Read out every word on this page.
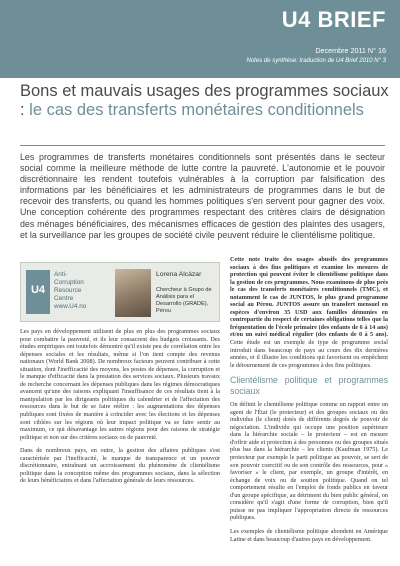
U4 BRIEF
Decembre 2011 N° 16
Notes de synthèse: traduction de U4 Brief 2010 N° 3
Bons et mauvais usages des programmes sociaux : le cas des transferts monétaires conditionnels
Les programmes de transferts monétaires conditionnels sont présentés dans le secteur social comme la meilleure méthode de lutte contre la pauvreté. L'autonomie et le pouvoir discrétionnaire les rendent toutefois vulnérables à la corruption par falsification des informations par les bénéficiaires et les administrateurs de programmes dans le but de recevoir des transferts, ou quand les hommes politiques s'en servent pour gagner des voix. Une conception cohérente des programmes respectant des critères clairs de désignation des ménages bénéficiaires, des mécanismes efficaces de gestion des plaintes des usagers, et la surveillance par les groupes de société civile peuvent réduire le clientélisme politique.
U4
Anti-
Corruption
Resource
Centre
www.U4.no
Lorena Alcázar
Chercheur à Grupo de Análisis para el Desarrollo (GRADE), Pérou

Les pays en développement utilisent de plus en plus des programmes sociaux pour combattre la pauvreté, et ils leur consacrent des budgets croissants. Des études empiriques ont toutefois démontré qu'il existe peu de corrélation entre les dépenses sociales et les résultats, même si l'on tient compte des revenus nationaux (World Bank 2008). De nombreux facteurs peuvent contribuer à cette situation, dont l'inefficacité des moyens, les postes de dépenses, la corruption et le manque d'efficacité dans la prestation des services sociaux. Plusieurs travaux de recherche concernant les dépenses publiques dans les régimes démocratiques avancent qu'une des raisons expliquant l'insuffisance de ces résultats tient à la manipulation par les dirigeants politiques du calendrier et de l'affectation des ressources dans le but de se faire réélire : les augmentations des dépenses publiques sont fixées de manière à coïncider avec les élections et les dépenses sont ciblées sur les régions où leur impact politique va se faire sentir au maximum, ce qui désavantage les autres régions pour des raisons de stratégie politique et non sur des critères sociaux ou de pauvreté.

Dans de nombreux pays, en outre, la gestion des affaires publiques s'est caractérisée par l'inefficacité, le manque de transparence et un pouvoir discrétionnaire, entraînant un accroissement du phénomène de clientélisme politique dans la conception même des programmes sociaux, dans la sélection de leurs bénéficiaires et dans l'affectation générale de leurs ressources.

Cette note traite des usages abusifs des programmes sociaux à des fins politiques et examine les mesures de protection qui peuvent éviter le clientélisme politique dans la gestion de ces programmes. Nous examinons de plus près le cas des transferts monétaires conditionnels (TMC), et notamment le cas de JUNTOS, le plus grand programme social au Pérou. JUNTOS assure un transfert mensuel en espèces d'environ 35 USD aux familles démunies en contrepartie du respect de certaines obligations telles que la fréquentation de l'école primaire (des enfants de 6 à 14 ans) et/ou un suivi médical régulier (des enfants de 0 à 5 ans). Cette étude est un exemple de type de programme social introduit dans beaucoup de pays au cours des dix dernières années, et il illustre les conditions qui favorisent ou empêchent le détournement de ces programmes à des fins politiques.

Clientélisme politique et programmes sociaux

On définit le clientélisme politique comme un rapport entre un agent de l'État (le protecteur) et des groupes sociaux ou des individus (le client) dotés de différents degrés de pouvoir de négociation. L'individu qui occupe une position supérieure dans la hiérarchie sociale – le protecteur – est en mesure d'offrir aide et protection à des personnes ou des groupes situés plus bas dans la hiérarchie – les clients (Kaufman 1975). Le protecteur par exemple le parti politique au pouvoir, se sert de son pouvoir coercitif ou de son contrôle des ressources, pour « favoriser » le client, par exemple, un groupe d'intérêt, en échange de voix ou de soutien politique. Quand on tel comportement résulte en l'emploi de fonds publics en faveur d'un groupe spécifique, au détriment du bien public général, on considère qu'il s'agit d'une forme de corruption, bien qu'il puisse ne pas impliquer l'appropriation directe de ressources publiques.

Les exemples de clientélisme politique abondent en Amérique Latine et dans beaucoup d'autres pays en développement.
